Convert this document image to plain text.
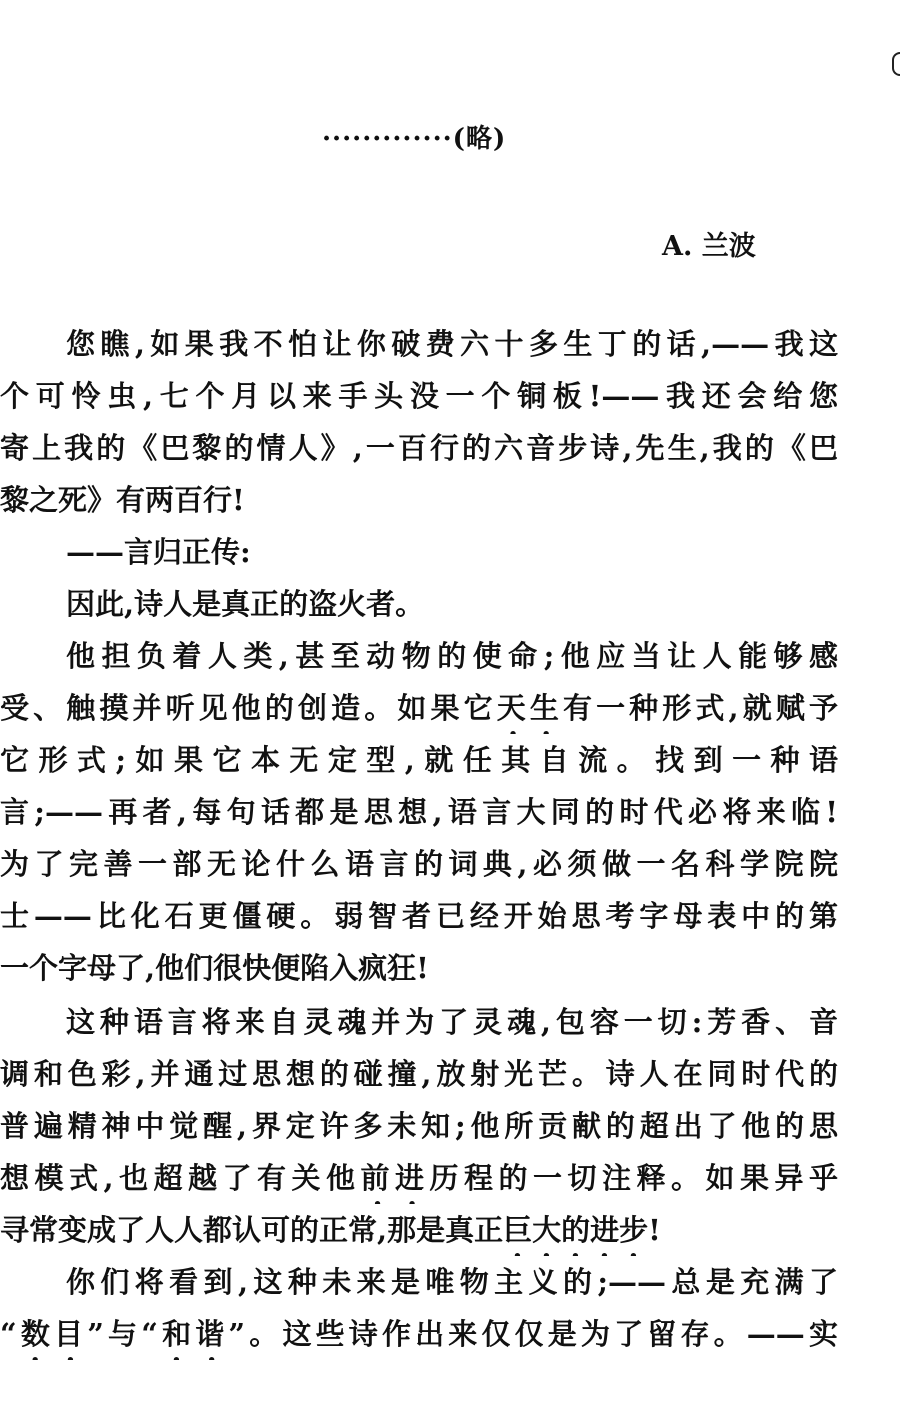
·············(略)
A. 兰波
您瞧,如果我不怕让你破费六十多生丁的话,——我这
个可怜虫,七个月以来手头没一个铜板!——我还会给您
寄上我的《巴黎的情人》,一百行的六音步诗,先生,我的《巴
黎之死》有两百行!
——言归正传:
因此,诗人是真正的盗火者。
他担负着人类,甚至动物的使命;他应当让人能够感
受、触摸并听见他的创造。如果它天生有一种形式,就赋予
它形式;如果它本无定型,就任其自流。找到一种语
言;——再者,每句话都是思想,语言大同的时代必将来临!
为了完善一部无论什么语言的词典,必须做一名科学院院
士——比化石更僵硬。弱智者已经开始思考字母表中的第
一个字母了,他们很快便陷入疯狂!
这种语言将来自灵魂并为了灵魂,包容一切:芳香、音
调和色彩,并通过思想的碰撞,放射光芒。诗人在同时代的
普遍精神中觉醒,界定许多未知;他所贡献的超出了他的思
想模式,也超越了有关他前进历程的一切注释。如果异乎
寻常变成了人人都认可的正常,那是真正巨大的进步!
你们将看到,这种未来是唯物主义的;——总是充满了
“数目”与“和谐”。这些诗作出来仅仅是为了留存。——实
